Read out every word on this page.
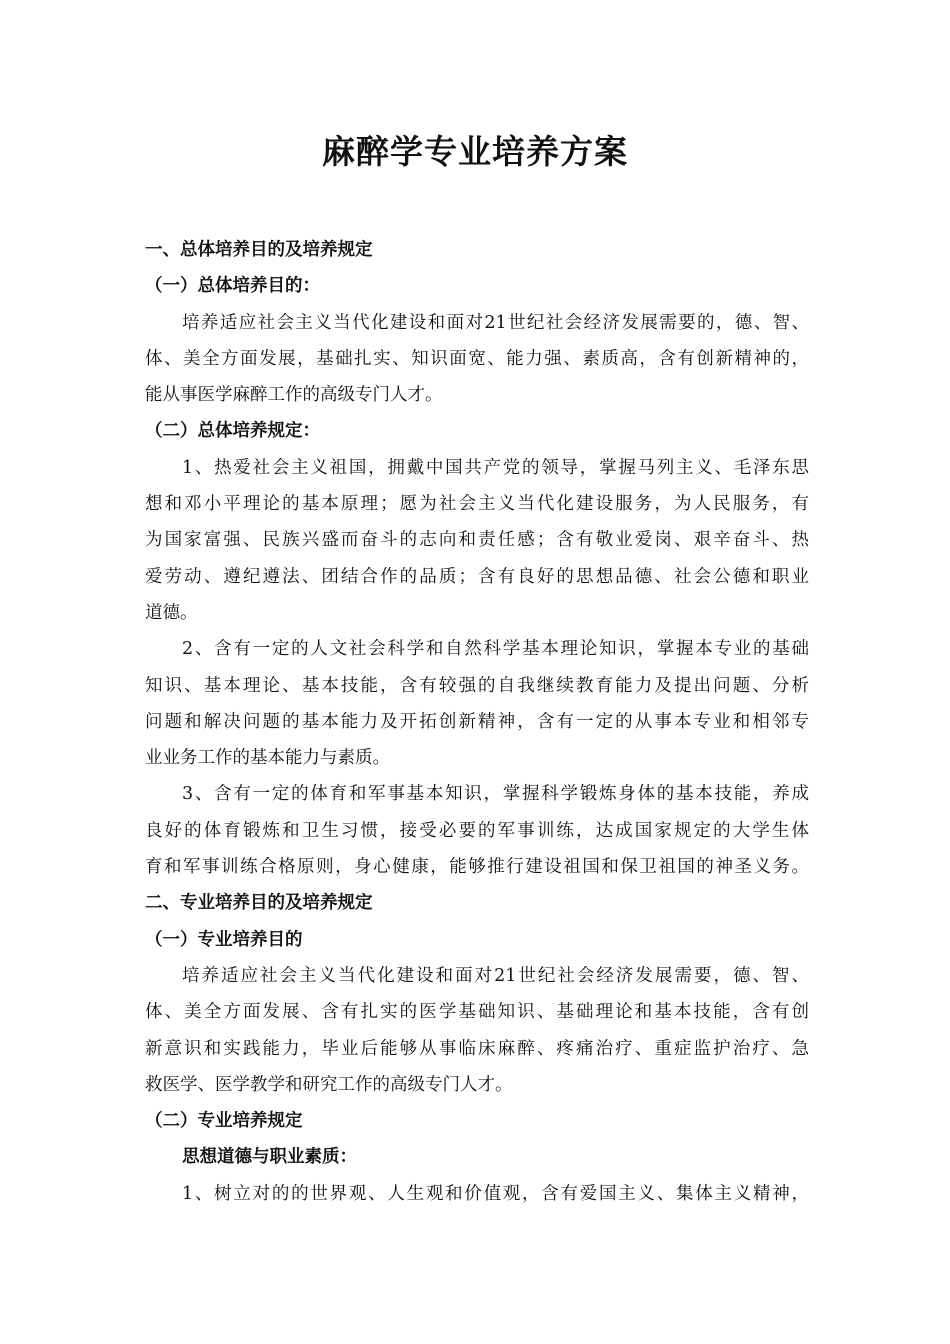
麻醉学专业培养方案
一、总体培养目的及培养规定
（一）总体培养目的：
培养适应社会主义当代化建设和面对21世纪社会经济发展需要的，德、智、
体、美全方面发展，基础扎实、知识面宽、能力强、素质高，含有创新精神的，
能从事医学麻醉工作的高级专门人才。
（二）总体培养规定：
1、热爱社会主义祖国，拥戴中国共产党的领导，掌握马列主义、毛泽东思
想和邓小平理论的基本原理；愿为社会主义当代化建设服务，为人民服务，有
为国家富强、民族兴盛而奋斗的志向和责任感；含有敬业爱岗、艰辛奋斗、热
爱劳动、遵纪遵法、团结合作的品质；含有良好的思想品德、社会公德和职业
道德。
2、含有一定的人文社会科学和自然科学基本理论知识，掌握本专业的基础
知识、基本理论、基本技能，含有较强的自我继续教育能力及提出问题、分析
问题和解决问题的基本能力及开拓创新精神，含有一定的从事本专业和相邻专
业业务工作的基本能力与素质。
3、含有一定的体育和军事基本知识，掌握科学锻炼身体的基本技能，养成
良好的体育锻炼和卫生习惯，接受必要的军事训练，达成国家规定的大学生体
育和军事训练合格原则，身心健康，能够推行建设祖国和保卫祖国的神圣义务。
二、专业培养目的及培养规定
（一）专业培养目的
培养适应社会主义当代化建设和面对21世纪社会经济发展需要，德、智、
体、美全方面发展、含有扎实的医学基础知识、基础理论和基本技能，含有创
新意识和实践能力，毕业后能够从事临床麻醉、疼痛治疗、重症监护治疗、急
救医学、医学教学和研究工作的高级专门人才。
（二）专业培养规定
思想道德与职业素质：
1、树立对的的世界观、人生观和价值观，含有爱国主义、集体主义精神，
